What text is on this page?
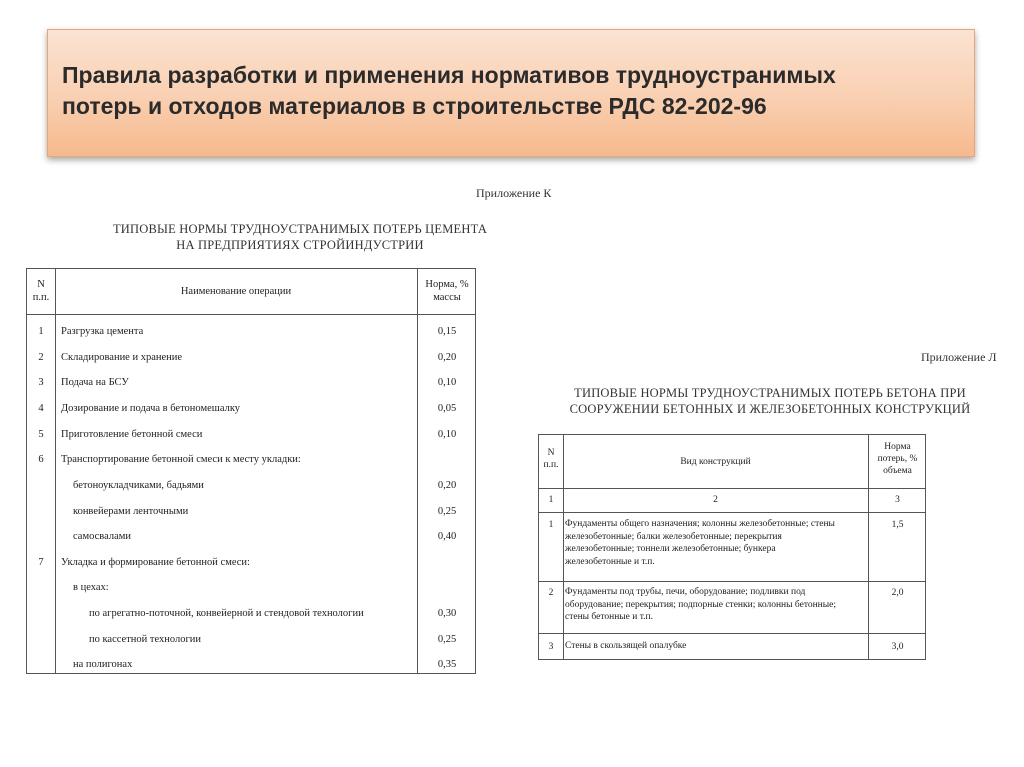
Правила разработки и применения нормативов трудноустранимых
потерь и отходов материалов в строительстве РДС 82-202-96
Приложение К
ТИПОВЫЕ НОРМЫ ТРУДНОУСТРАНИМЫХ ПОТЕРЬ ЦЕМЕНТА
НА ПРЕДПРИЯТИЯХ СТРОЙИНДУСТРИИ
N
п.п.
Наименование операции
Норма, %
массы
1	Разгрузка цемента	0,15
2	Складирование и хранение	0,20
3	Подача на БСУ	0,10
4	Дозирование и подача в бетономешалку	0,05
5	Приготовление бетонной смеси	0,10
6	Транспортирование бетонной смеси к месту укладки:
бетоноукладчиками, бадьями	0,20
конвейерами ленточными	0,25
самосвалами	0,40
7	Укладка и формирование бетонной смеси:
в цехах:
по агрегатно-поточной, конвейерной и стендовой технологии	0,30
по кассетной технологии	0,25
на полигонах	0,35
Приложение Л
ТИПОВЫЕ НОРМЫ ТРУДНОУСТРАНИМЫХ ПОТЕРЬ БЕТОНА ПРИ
СООРУЖЕНИИ БЕТОННЫХ И ЖЕЛЕЗОБЕТОННЫХ КОНСТРУКЦИЙ
N
п.п.	Вид конструкций
Норма
потерь, %
объема
1	2	3
1	Фундаменты общего назначения; колонны железобетонные; стены
железобетонные; балки железобетонные; перекрытия
железобетонные; тоннели железобетонные; бункера
железобетонные и т.п.
1,5
2	Фундаменты под трубы, печи, оборудование; подливки под
оборудование; перекрытия; подпорные стенки; колонны бетонные;
стены бетонные и т.п.
2,0
3	Стены в скользящей опалубке	3,0
